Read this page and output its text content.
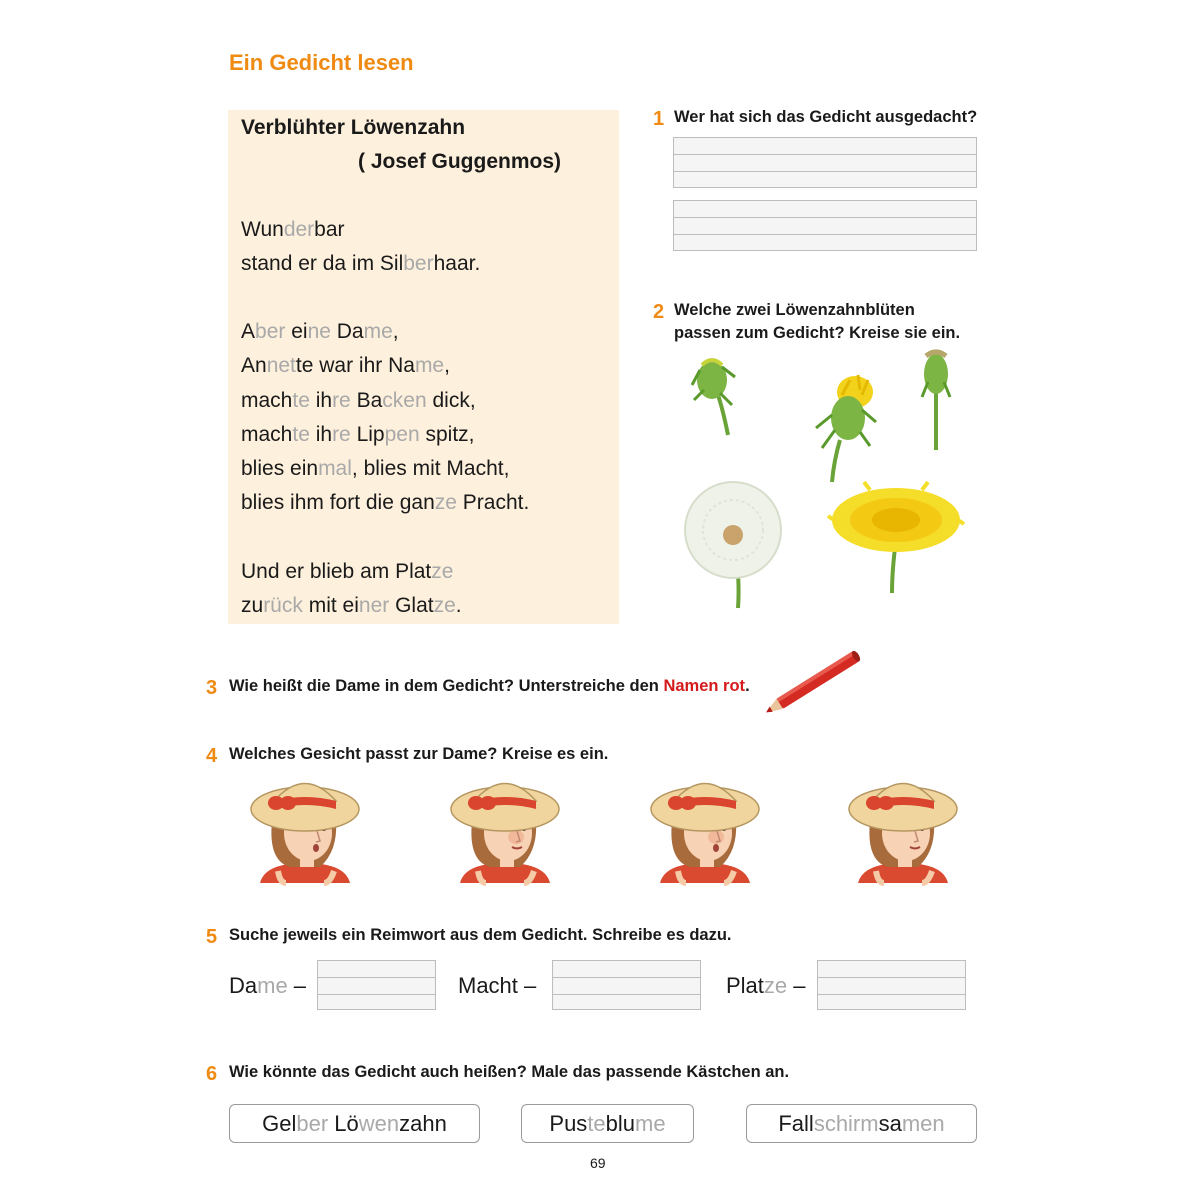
Ein Gedicht lesen
Verblühter Löwenzahn
( Josef Guggenmos)
Wunderbar
stand er da im Silberhaar.
Aber eine Dame,
Annette war ihr Name,
machte ihre Backen dick,
machte ihre Lippen spitz,
blies einmal, blies mit Macht,
blies ihm fort die ganze Pracht.
Und er blieb am Platze
zurück mit einer Glatze.
1 Wer hat sich das Gedicht ausgedacht?
2 Welche zwei Löwenzahnblüten
passen zum Gedicht? Kreise sie ein.
3 Wie heißt die Dame in dem Gedicht? Unterstreiche den Namen rot.
4 Welches Gesicht passt zur Dame? Kreise es ein.
5 Suche jeweils ein Reimwort aus dem Gedicht. Schreibe es dazu.
Dame –	Macht –	Platze –
6 Wie könnte das Gedicht auch heißen? Male das passende Kästchen an.
Gelber Löwenzahn	Pusteblume	Fallschirmsamen
69
